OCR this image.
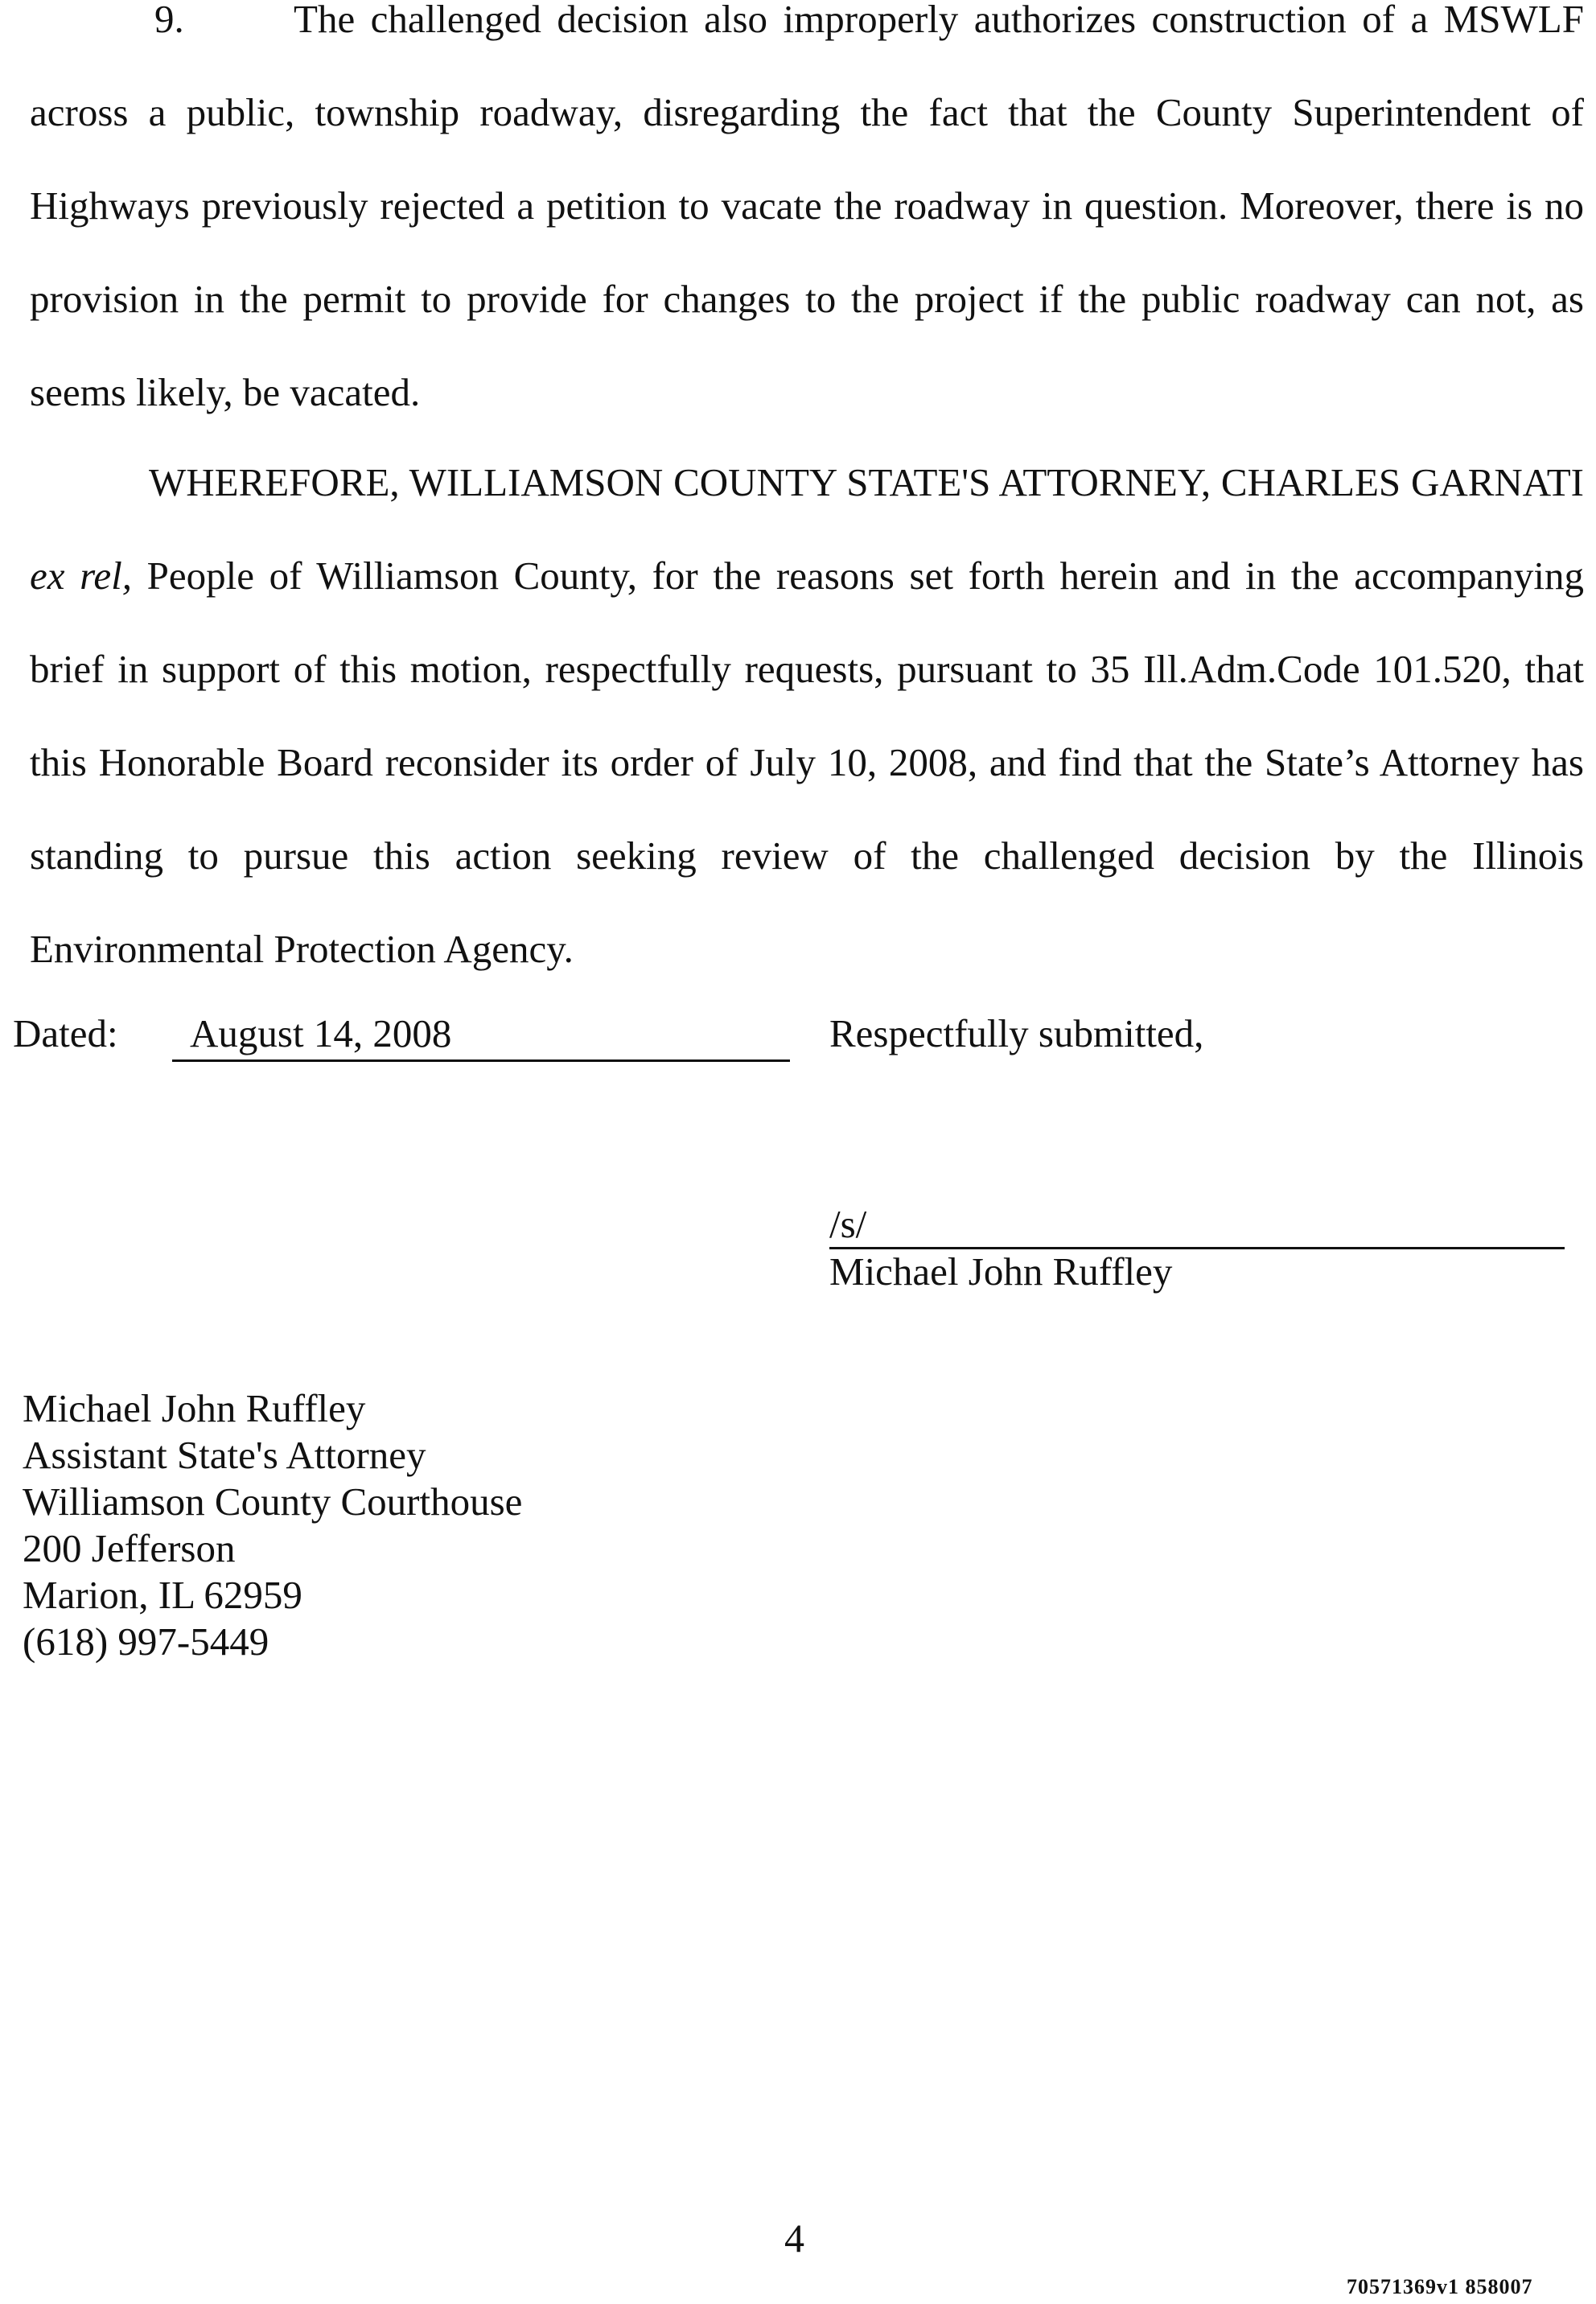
9.	The challenged decision also improperly authorizes construction of a MSWLF across a public, township roadway, disregarding the fact that the County Superintendent of Highways previously rejected a petition to vacate the roadway in question. Moreover, there is no provision in the permit to provide for changes to the project if the public roadway can not, as seems likely, be vacated.

WHEREFORE, WILLIAMSON COUNTY STATE'S ATTORNEY, CHARLES GARNATI ex rel, People of Williamson County, for the reasons set forth herein and in the accompanying brief in support of this motion, respectfully requests, pursuant to 35 Ill.Adm.Code 101.520, that this Honorable Board reconsider its order of July 10, 2008, and find that the State’s Attorney has standing to pursue this action seeking review of the challenged decision by the Illinois Environmental Protection Agency.

Dated: August 14, 2008	Respectfully submitted,
/s/
Michael John Ruffley
Michael John Ruffley
Assistant State's Attorney
Williamson County Courthouse
200 Jefferson
Marion, IL 62959
(618) 997-5449
4
70571369v1 858007
